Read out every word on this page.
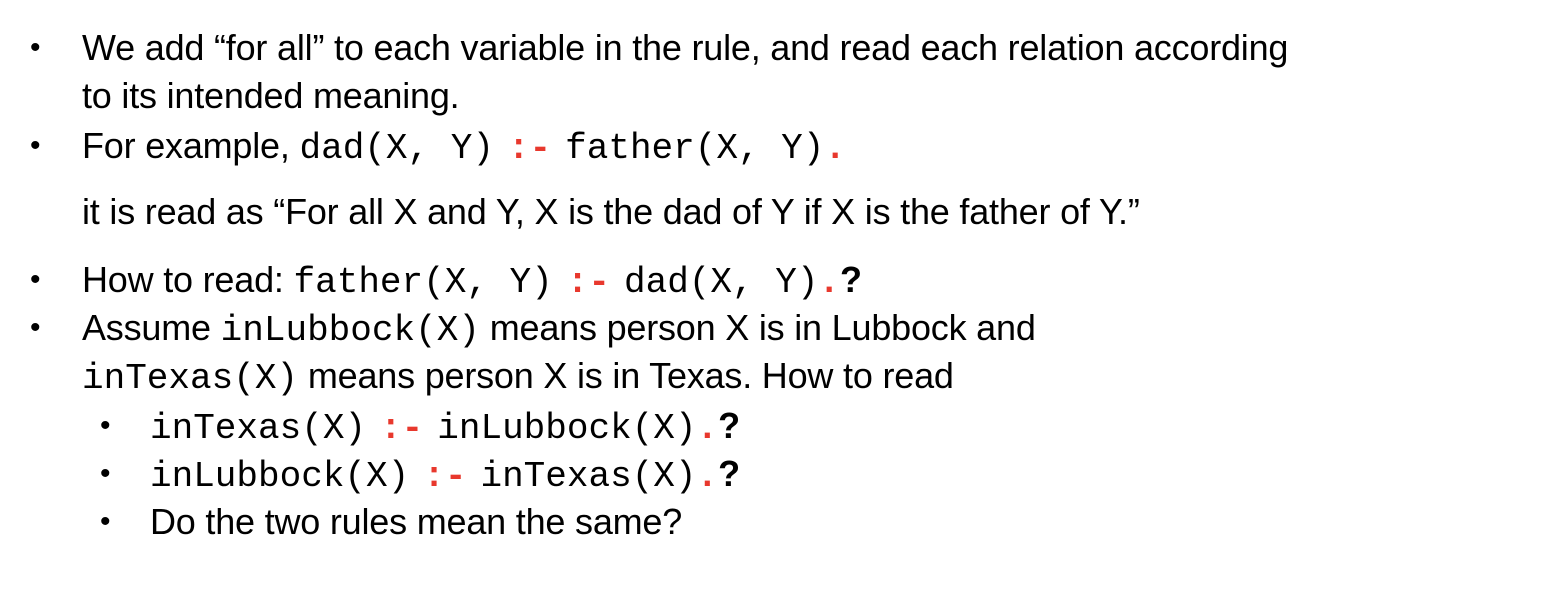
• We add “for all” to each variable in the rule, and read each relation according
to its intended meaning.
• For example, dad(X, Y) :- father(X, Y).
it is read as “For all X and Y, X is the dad of Y if X is the father of Y.”
• How to read: father(X, Y) :- dad(X, Y).?
• Assume inLubbock(X) means person X is in Lubbock and
inTexas(X) means person X is in Texas. How to read
• inTexas(X) :- inLubbock(X).?
• inLubbock(X) :- inTexas(X).?
• Do the two rules mean the same?
